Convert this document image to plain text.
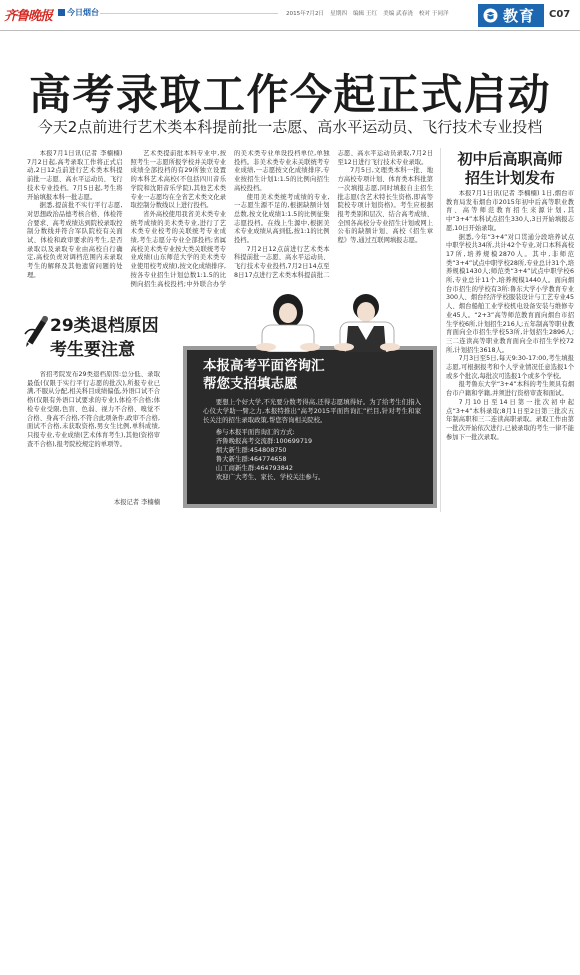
齐鲁晚报 今日烟台	2015年7月2日 星期四 编辑 王红 美编 武春浇 校对 于同洋	教育 C07
高考录取工作今起正式启动
今天2点前进行艺术类本科提前批一志愿、高水平运动员、飞行技术专业投档

本报7月1日讯(记者 李楠楠) 7月2日起,高考录取工作将正式启动,2日12点前进行艺术类本科提前批一志愿、高水平运动员、飞行技术专业投档。7月5日起,考生将开始填报本科一批志愿。

据悉,提前批不实行平行志愿,对思想政治品德考核合格、体检符合要求、高考成绩达到院校录取控制分数线并符合军队院校有关面试、体检和政审要求的考生,是否录取以及录取专业由高校自行确定,高校负责对调档范围内未录取考生的解释及其他遗留问题的处理。

艺术类提前批本科专业中,按照考生一志愿所报学校并关联专业成绩全部投档的有29所独立设置的本科艺术高校(不包括四川音乐学院和沈阳音乐学院),其他艺术类专业一志愿均在全省艺术类文化录取控制分数线以上进行投档。

省外高校使用我省美术类专业统考成绩的美术类专业,进行了艺术类专业校考的关联统考专业成绩,考生志愿分专业全部投档;省属高校美术类专业按大类关联统考专业成绩(山东师范大学的美术类专业使用校考成绩),按文化成绩排序,按各专业招生计划总数1:1.5的比例向招生高校投档;中外联合办学的美术类专业单设投档单位,单独投档。非美术类专业未关联统考专业成绩,一志愿按文化成绩排序,专业按招生计划1:1.5的比例向招生高校投档。

使用美术类统考成绩的专业,一志愿生源不足的,根据缺额计划总数,按文化成绩1:1.5的比例征集志愿投档。在线上生源中,根据美术专业成绩从高到低,按1:1的比例投档。

7月2日12点前进行艺术类本科提前批一志愿、高水平运动员、飞行技术专业投档,7月2日14点至8日17点进行艺术类本科提前批二志愿、高水平运动员录取,7月2日至12日进行飞行技术专业录取。

7月5日,文理类本科一批、地方高校专项计划、体育类本科批第一次填报志愿,同时填报自主招生批志愿(含艺术特长生资格,即高等院校专项计划资格)。考生应根据报考类别和层次、结合高考成绩、全国各高校分专业招生计划或网上公布的缺额计划、高校《招生章程》等,通过互联网填报志愿。

初中后高职高师
招生计划发布

本报7月1日讯(记者 李楠楠) 1日,烟台市教育局发布烟台市2015年初中后高等职业教育、高等师范教育招生来源计划,其中“3+4”本科试点招生330人,3日开始填报志愿,10日开始录取。

据悉,今年“3+4”对口贯通分段培养试点中职学校共34所,共计42个专业,对口本科高校17所,培养规模2870人。其中,非师范类“3+4”试点中职学校28所,专业总计31个,培养规模1430人;师范类“3+4”试点中职学校6所,专业总计11个,培养规模1440人。面向烟台市招生的学校有3所:鲁东大学小学教育专业300人、烟台经济学校服装设计与工艺专业45人、烟台船舶工业学校机电设备安装与维修专业45人。“2+3”高等师范教育面向烟台市招生学校6所,计划招生216人;五年制高等职业教育面向全市招生学校53所,计划招生2896人;三二连读高等职业教育面向全市招生学校72所,计划招生3618人。

7月3日至5日,每天9:30-17:00,考生填报志愿,可根据报考和个人学业情况任意选报1个或多个批次,每批次可选报1个或多个学校。

报考鲁东大学“3+4”本科的考生须具有烟台市户籍和学籍,并须进行资格审查和面试。

7月10日至14日第一批次初中起点“3+4”本科录取;8月1日至2日第三批次五年制高职和三二连读高职录取。录取工作由第一批次开始依次进行,已被录取的考生一律不能参加下一批次录取。

29类退档原因
考生要注意

省招考院发布29类退档原因:总分低、录取最低(仅限于实行平行志愿的批次),所报专业已满,不服从分配,相关科目成绩偏低,外语口试不合格(仅限有外语口试要求的专业),体检不合格;体检专业受限,色盲、色弱、视力不合格、嗅觉不合格、身高不合格,不符合此项条件,政审不合格,面试不合格,未获取资格,男女生比例,单科成绩,只报专业,专业成绩(艺术体育考生),其他(资格审查不合格),报考院校规定的单项等。

本报记者 李楠楠
本报高考平面咨询汇
帮您支招填志愿

要想上个好大学,不光要分数考得高,还得志愿填得好。为了给考生们指入心仪大学助一臂之力,本报特推出“高考2015平面咨询汇”栏目,针对考生和家长关注的招生录取政策,帮您咨询相关院校。

参与本报平面咨询汇的方式:
齐鲁晚报高考交流群:100699719
烟大新生群:454808750
鲁大新生群:464774658
山工商新生群:464793842
欢迎广大考生、家长、学校关注参与。
